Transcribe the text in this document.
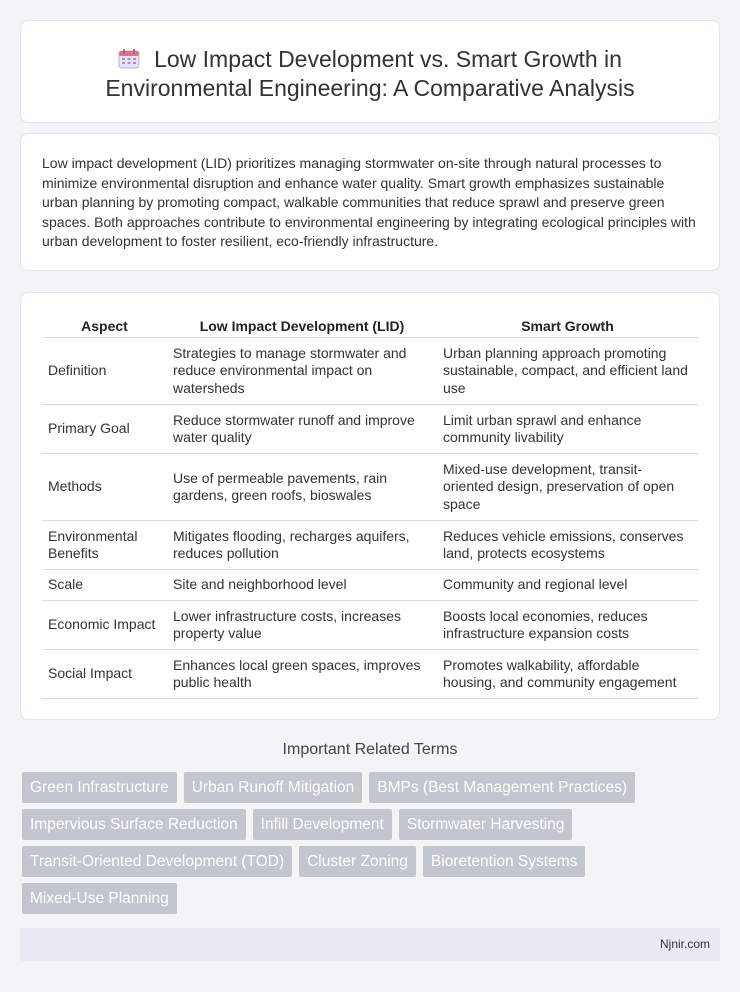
Low Impact Development vs. Smart Growth in Environmental Engineering: A Comparative Analysis

Low impact development (LID) prioritizes managing stormwater on-site through natural processes to minimize environmental disruption and enhance water quality. Smart growth emphasizes sustainable urban planning by promoting compact, walkable communities that reduce sprawl and preserve green spaces. Both approaches contribute to environmental engineering by integrating ecological principles with urban development to foster resilient, eco-friendly infrastructure.

Aspect	Low Impact Development (LID)	Smart Growth
Definition	Strategies to manage stormwater and reduce environmental impact on watersheds	Urban planning approach promoting sustainable, compact, and efficient land use
Primary Goal	Reduce stormwater runoff and improve water quality	Limit urban sprawl and enhance community livability
Methods	Use of permeable pavements, rain gardens, green roofs, bioswales	Mixed-use development, transit-oriented design, preservation of open space
Environmental Benefits	Mitigates flooding, recharges aquifers, reduces pollution	Reduces vehicle emissions, conserves land, protects ecosystems
Scale	Site and neighborhood level	Community and regional level
Economic Impact	Lower infrastructure costs, increases property value	Boosts local economies, reduces infrastructure expansion costs
Social Impact	Enhances local green spaces, improves public health	Promotes walkability, affordable housing, and community engagement
Important Related Terms
Green Infrastructure	Urban Runoff Mitigation	BMPs (Best Management Practices)
Impervious Surface Reduction	Infill Development	Stormwater Harvesting
Transit-Oriented Development (TOD)	Cluster Zoning	Bioretention Systems
Mixed-Use Planning
Njnir.com
